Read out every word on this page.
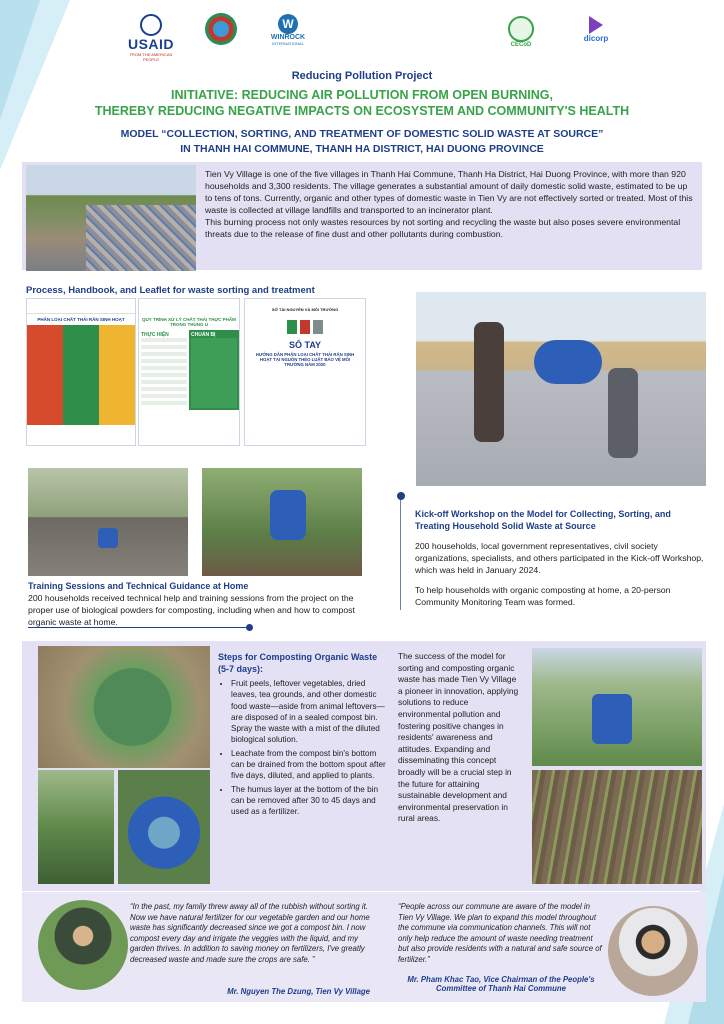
USAID
FROM THE AMERICAN PEOPLE
W
WINROCK
INTERNATIONAL	CECoD
dicorp
Reducing Pollution Project
INITIATIVE: REDUCING AIR POLLUTION FROM OPEN BURNING,
THEREBY REDUCING NEGATIVE IMPACTS ON ECOSYSTEM AND COMMUNITY'S HEALTH
MODEL “COLLECTION, SORTING, AND TREATMENT OF DOMESTIC SOLID WASTE AT SOURCE”
IN THANH HAI COMMUNE, THANH HA DISTRICT, HAI DUONG PROVINCE
Tien Vy Village is one of the five villages in Thanh Hai Commune, Thanh Ha District, Hai Duong Province, with more than 920 households and 3,300 residents. The village generates a substantial amount of daily domestic solid waste, estimated to be up to tens of tons. Currently, organic and other types of domestic waste in Tien Vy are not effectively sorted or treated. Most of this waste is collected at village landfills and transported to an incinerator plant.
This burning process not only wastes resources by not sorting and recycling the waste but also poses severe environmental threats due to the release of fine dust and other pollutants during combustion.
Process, Handbook, and Leaflet for waste sorting and treatment
PHÂN LOẠI CHẤT THẢI RẮN SINH HOẠT	QUY TRÌNH XỬ LÝ CHẤT THẢI THỰC PHẨM TRONG THÙNG Ủ
THỰC HIỆN	CHUẨN BỊ
SỞ TÀI NGUYÊN VÀ MÔI TRƯỜNG
SỔ TAY
HƯỚNG DẪN PHÂN LOẠI CHẤT THẢI RẮN SINH HOẠT TẠI NGUỒN THEO LUẬT BẢO VỆ MÔI TRƯỜNG NĂM 2020
Kick-off Workshop on the Model for Collecting, Sorting, and Treating Household Solid Waste at Source
200 households, local government representatives, civil society organizations, specialists, and others participated in the Kick-off Workshop, which was held in January 2024.
To help households with organic composting at home, a 20-person Community Monitoring Team was formed.
Training Sessions and Technical Guidance at Home
200 households received technical help and training sessions from the project on the proper use of biological powders for composting, including when and how to compost organic waste at home.
Steps for Composting Organic Waste (5-7 days):
• Fruit peels, leftover vegetables, dried leaves, tea grounds, and other domestic food waste—aside from animal leftovers—are disposed of in a sealed compost bin. Spray the waste with a mist of the diluted biological solution.
• Leachate from the compost bin's bottom can be drained from the bottom spout after five days, diluted, and applied to plants.
• The humus layer at the bottom of the bin can be removed after 30 to 45 days and used as a fertilizer.
The success of the model for sorting and composting organic waste has made Tien Vy Village a pioneer in innovation, applying solutions to reduce environmental pollution and fostering positive changes in residents' awareness and attitudes. Expanding and disseminating this concept broadly will be a crucial step in the future for attaining sustainable development and environmental preservation in rural areas.
“In the past, my family threw away all of the rubbish without sorting it. Now we have natural fertilizer for our vegetable garden and our home waste has significantly decreased since we got a compost bin. I now compost every day and irrigate the veggies with the liquid, and my garden thrives. In addition to saving money on fertilizers, I've greatly decreased waste and made sure the crops are safe. ”
Mr. Nguyen The Dzung, Tien Vy Village
“People across our commune are aware of the model in Tien Vy Village. We plan to expand this model throughout the commune via communication channels. This will not only help reduce the amount of waste needing treatment but also provide residents with a natural and safe source of fertilizer.”
Mr. Pham Khac Tao, Vice Chairman of the People's Committee of Thanh Hai Commune
